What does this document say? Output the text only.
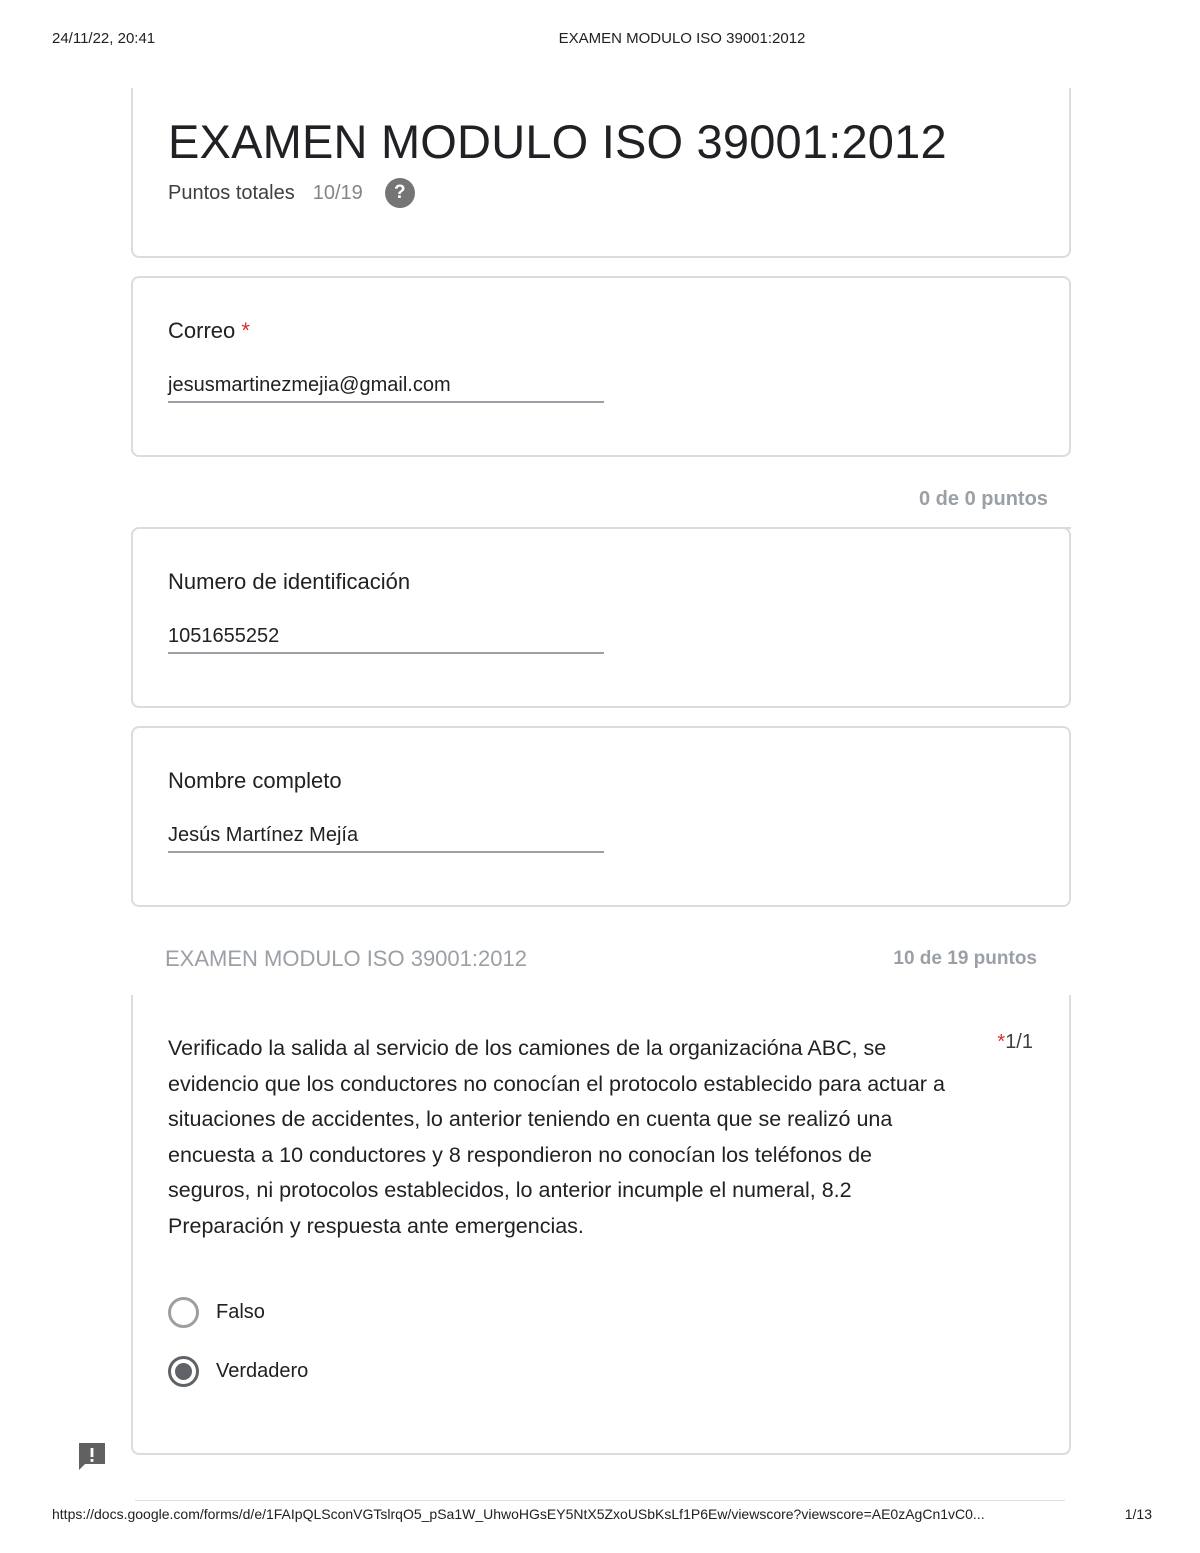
24/11/22, 20:41	EXAMEN MODULO ISO 39001:2012
EXAMEN MODULO ISO 39001:2012
Puntos totales 10/19	?
Correo *
jesusmartinezmejia@gmail.com
0 de 0 puntos
Numero de identificación
1051655252
Nombre completo
Jesús Martínez Mejía
EXAMEN MODULO ISO 39001:2012	10 de 19 puntos
Verificado la salida al servicio de los camiones de la organizacióna ABC, se evidencio que los conductores no conocían el protocolo establecido para actuar a situaciones de accidentes, lo anterior teniendo en cuenta que se realizó una encuesta a 10 conductores y 8 respondieron no conocían los teléfonos de seguros, ni protocolos establecidos, lo anterior incumple el numeral, 8.2 Preparación y respuesta ante emergencias.
*1/1
Falso
Verdadero
https://docs.google.com/forms/d/e/1FAIpQLSconVGTslrqO5_pSa1W_UhwoHGsEY5NtX5ZxoUSbKsLf1P6Ew/viewscore?viewscore=AE0zAgCn1vC0...	1/13
